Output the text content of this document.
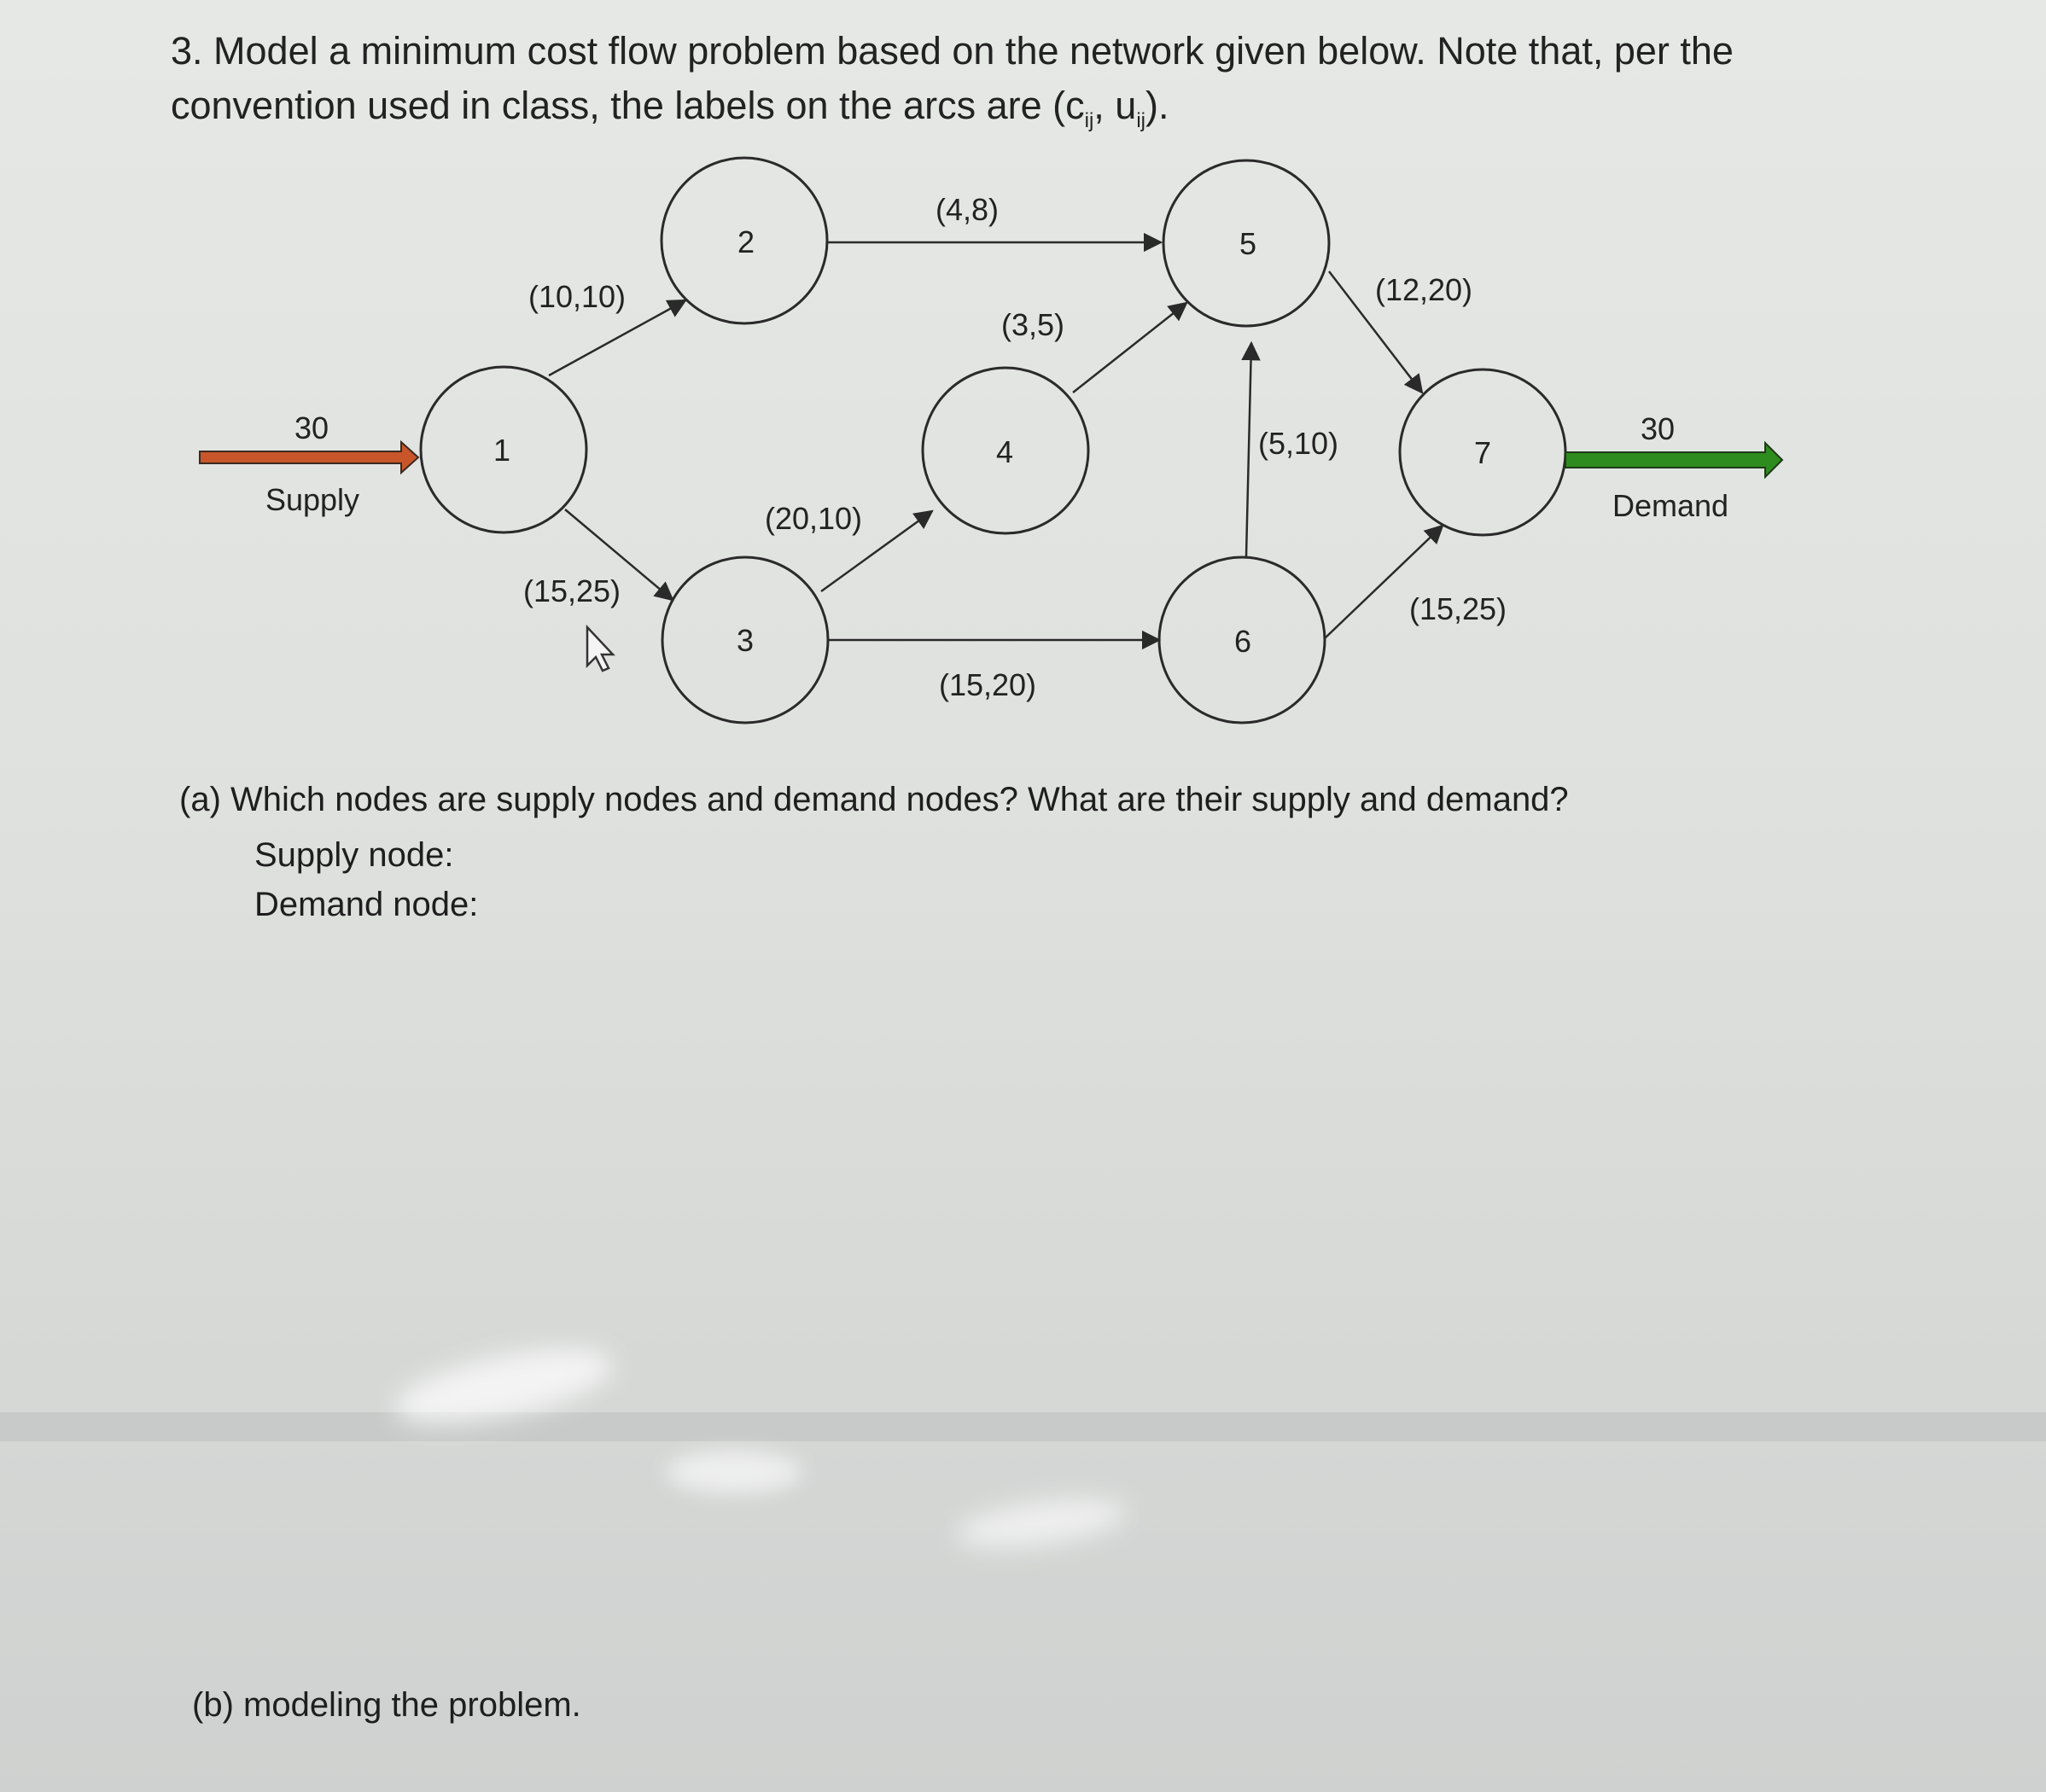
3. Model a minimum cost flow problem based on the network given below. Note that, per the convention used in class, the labels on the arcs are ($c_{ij}$, $u_{ij}$).
1
2
3
4
5
6
7
(10,10)
(15,25)
(4,8)
(20,10)
(15,20)
(3,5)
(5,10)
(12,20)
(15,25)
30
Supply
30
Demand
(a) Which nodes are supply nodes and demand nodes? What are their supply and demand?
Supply node:
Demand node:
(b) modeling the problem.
